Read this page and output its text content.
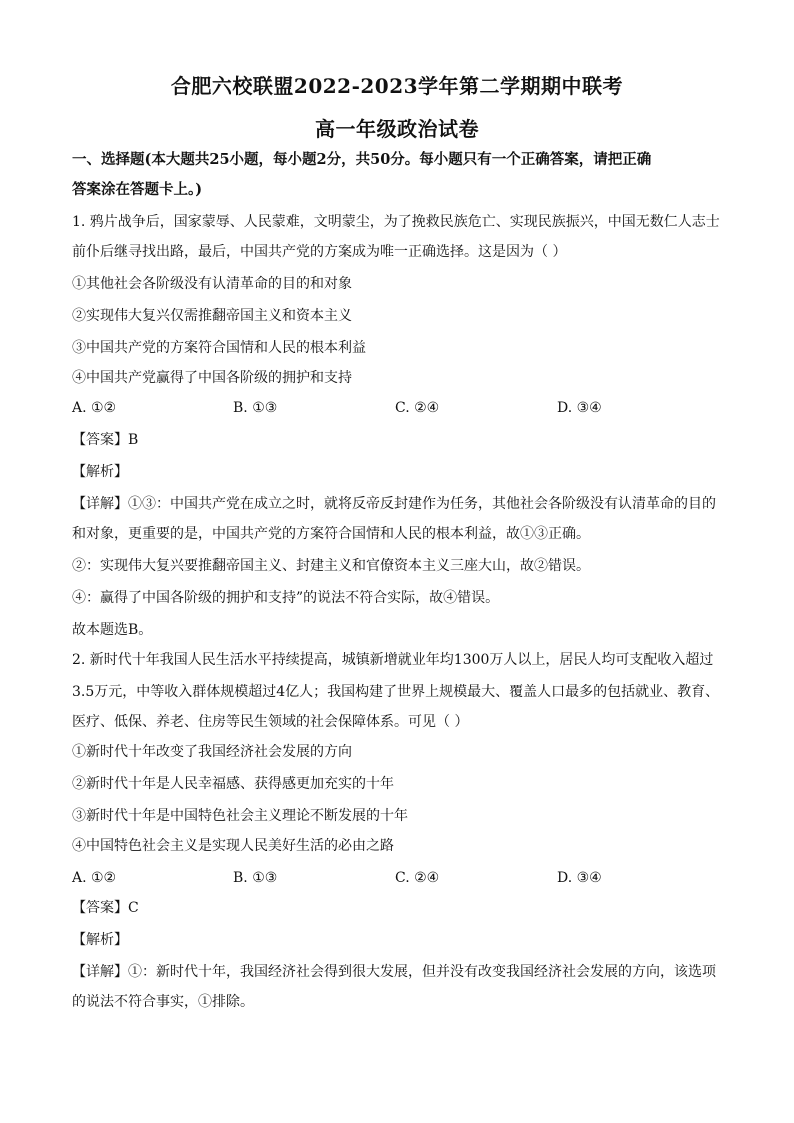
合肥六校联盟2022-2023学年第二学期期中联考
高一年级政治试卷
一、选择题(本大题共25小题，每小题2分，共50分。每小题只有一个正确答案，请把正确
答案涂在答题卡上。)
1. 鸦片战争后，国家蒙辱、人民蒙难，文明蒙尘，为了挽救民族危亡、实现民族振兴，中国无数仁人志士
前仆后继寻找出路，最后，中国共产党的方案成为唯一正确选择。这是因为（ ）
①其他社会各阶级没有认清革命的目的和对象
②实现伟大复兴仅需推翻帝国主义和资本主义
③中国共产党的方案符合国情和人民的根本利益
④中国共产党赢得了中国各阶级的拥护和支持
A. ①②	B. ①③	C. ②④	D. ③④
【答案】B
【解析】
【详解】①③：中国共产党在成立之时，就将反帝反封建作为任务，其他社会各阶级没有认清革命的目的
和对象，更重要的是，中国共产党的方案符合国情和人民的根本利益，故①③正确。
②：实现伟大复兴要推翻帝国主义、封建主义和官僚资本主义三座大山，故②错误。
④：赢得了中国各阶级的拥护和支持”的说法不符合实际，故④错误。
故本题选B。
2. 新时代十年我国人民生活水平持续提高，城镇新增就业年均1300万人以上，居民人均可支配收入超过
3.5万元，中等收入群体规模超过4亿人；我国构建了世界上规模最大、覆盖人口最多的包括就业、教育、
医疗、低保、养老、住房等民生领域的社会保障体系。可见（ ）
①新时代十年改变了我国经济社会发展的方向
②新时代十年是人民幸福感、获得感更加充实的十年
③新时代十年是中国特色社会主义理论不断发展的十年
④中国特色社会主义是实现人民美好生活的必由之路
A. ①②	B. ①③	C. ②④	D. ③④
【答案】C
【解析】
【详解】①：新时代十年，我国经济社会得到很大发展，但并没有改变我国经济社会发展的方向，该选项
的说法不符合事实，①排除。
